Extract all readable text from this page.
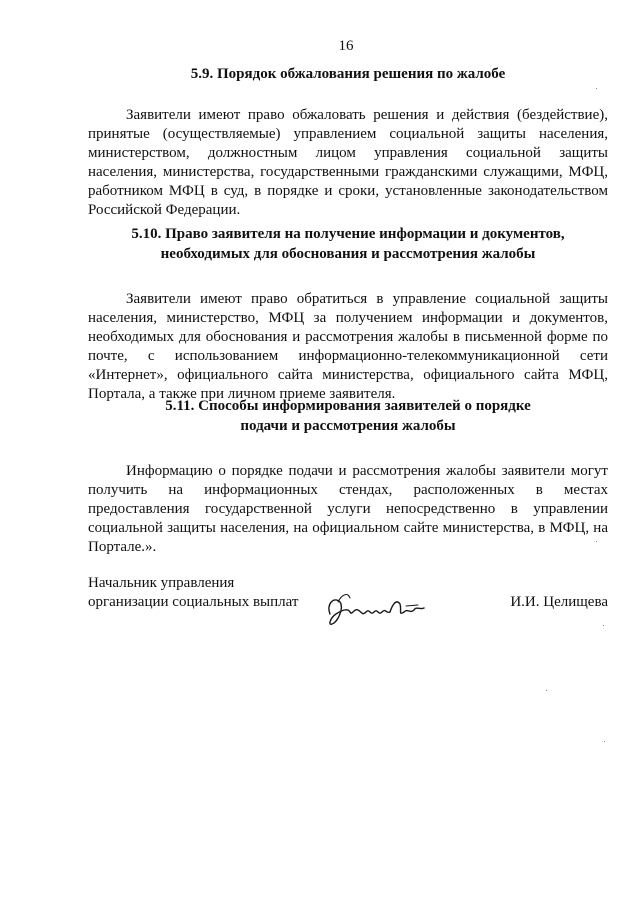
16

5.9. Порядок обжалования решения по жалобе

Заявители имеют право обжаловать решения и действия (бездействие), принятые (осуществляемые) управлением социальной защиты населения, министерством, должностным лицом управления социальной защиты населения, министерства, государственными гражданскими служащими, МФЦ, работником МФЦ в суд, в порядке и сроки, установленные законодательством Российской Федерации.

5.10. Право заявителя на получение информации и документов,
необходимых для обоснования и рассмотрения жалобы

Заявители имеют право обратиться в управление социальной защиты населения, министерство, МФЦ за получением информации и документов, необходимых для обоснования и рассмотрения жалобы в письменной форме по почте, с использованием информационно-телекоммуникационной сети «Интернет», официального сайта министерства, официального сайта МФЦ, Портала, а также при личном приеме заявителя.

5.11. Способы информирования заявителей о порядке
подачи и рассмотрения жалобы

Информацию о порядке подачи и рассмотрения жалобы заявители могут получить на информационных стендах, расположенных в местах предоставления государственной услуги непосредственно в управлении социальной защиты населения, на официальном сайте министерства, в МФЦ, на Портале.».

Начальник управления
организации социальных выплат	И.И. Целищева
